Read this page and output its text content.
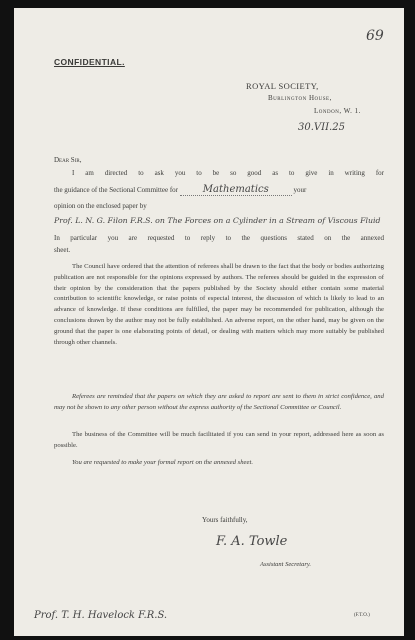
69
CONFIDENTIAL.
ROYAL SOCIETY,
Burlington House,
London, W. 1.
30.VII.25
Dear Sir,
I am directed to ask you to be so good as to give in writing for
the guidance of the Sectional Committee for Mathematics	your
opinion on the enclosed paper by
Prof. L. N. G. Filon F.R.S. on The Forces on a Cylinder in a Stream of Viscous Fluid
In particular you are requested to reply to the questions stated on the annexed
sheet.
The Council have ordered that the attention of referees shall be drawn to the fact that the body or bodies authorizing publication are not responsible for the opinions expressed by authors. The referees should be guided in the expression of their opinion by the consideration that the papers published by the Society should either contain some material contribution to scientific knowledge, or raise points of especial interest, the discussion of which is likely to lead to an advance of knowledge. If these conditions are fulfilled, the paper may be recommended for publication, although the conclusions drawn by the author may not be fully established. An adverse report, on the other hand, may be given on the ground that the paper is one elaborating points of detail, or dealing with matters which may more suitably be published through other channels.
Referees are reminded that the papers on which they are asked to report are sent to them in strict confidence, and may not be shown to any other person without the express authority of the Sectional Committee or Council.
The business of the Committee will be much facilitated if you can send in your report, addressed here as soon as possible.
You are requested to make your formal report on the annexed sheet.
Yours faithfully,
F. A. Towle
Assistant Secretary.
(F.T.O.)
Prof. T. H. Havelock F.R.S.
